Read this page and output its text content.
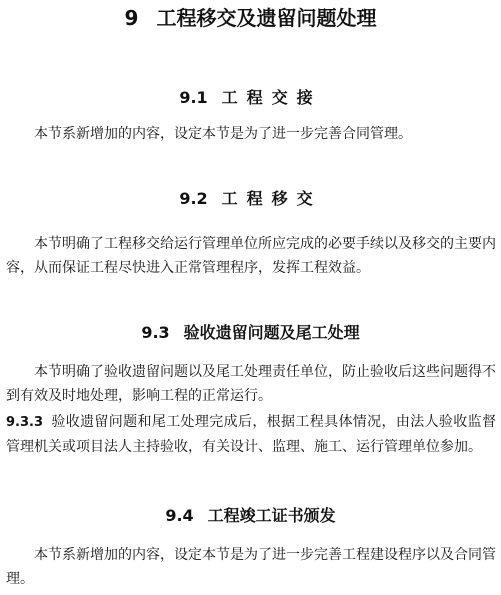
9 工程移交及遗留问题处理
9.1 工程交接

本节系新增加的内容，设定本节是为了进一步完善合同管理。

9.2 工程移交

本节明确了工程移交给运行管理单位所应完成的必要手续以及移交的主要内容，从而保证工程尽快进入正常管理程序，发挥工程效益。

9.3 验收遗留问题及尾工处理

本节明确了验收遗留问题以及尾工处理责任单位，防止验收后这些问题得不到有效及时地处理，影响工程的正常运行。

9.3.3 验收遗留问题和尾工处理完成后，根据工程具体情况，由法人验收监督管理机关或项目法人主持验收，有关设计、监理、施工、运行管理单位参加。

9.4 工程竣工证书颁发

本节系新增加的内容，设定本节是为了进一步完善工程建设程序以及合同管理。
